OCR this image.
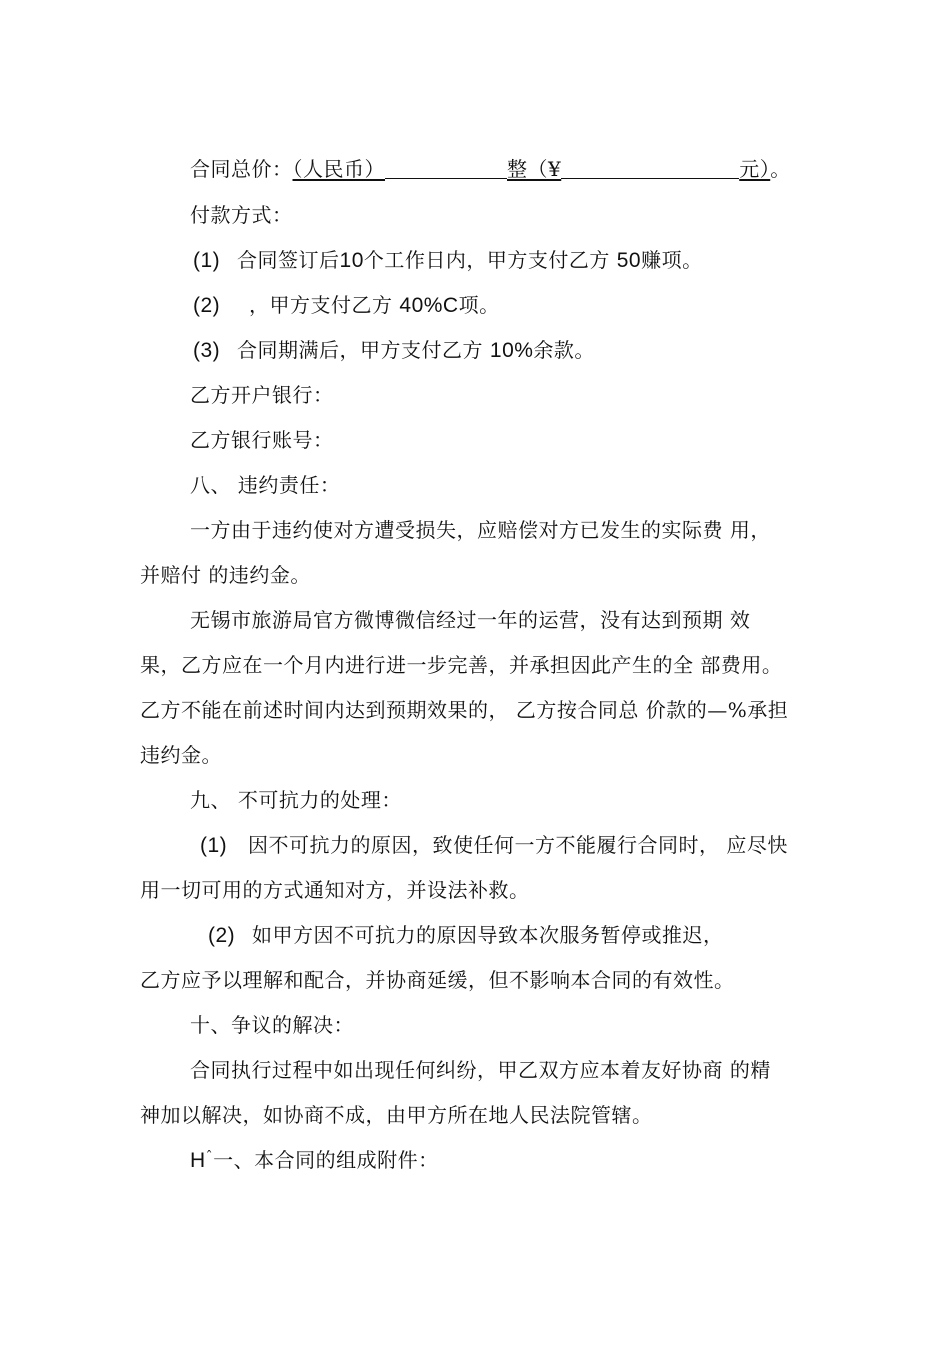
合同总价：（人民币）	整（¥	元）。
付款方式：
(1) 合同签订后10个工作日内，甲方支付乙方 50赚项。
(2) ，甲方支付乙方 40%C项。
(3) 合同期满后，甲方支付乙方 10%余款。
乙方开户银行：
乙方银行账号：
八、 违约责任：
一方由于违约使对方遭受损失，应赔偿对方已发生的实际费 用，
并赔付 的违约金。
无锡市旅游局官方微博微信经过一年的运营，没有达到预期 效
果，乙方应在一个月内进行进一步完善，并承担因此产生的全 部费用。
乙方不能在前述时间内达到预期效果的， 乙方按合同总 价款的—%承担
违约金。
九、 不可抗力的处理：
(1) 因不可抗力的原因，致使任何一方不能履行合同时， 应尽快
用一切可用的方式通知对方，并设法补救。
(2) 如甲方因不可抗力的原因导致本次服务暂停或推迟，
乙方应予以理解和配合，并协商延缓，但不影响本合同的有效性。
十、争议的解决：
合同执行过程中如出现任何纠纷，甲乙双方应本着友好协商 的精
神加以解决，如协商不成，由甲方所在地人民法院管辖。
$H^ˆ$一、本合同的组成附件：
